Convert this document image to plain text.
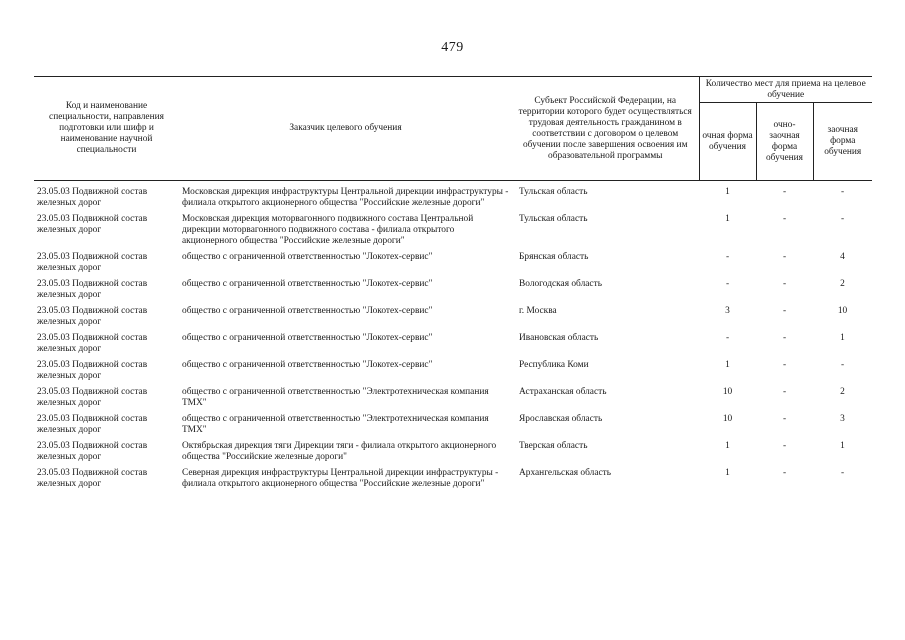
479
Код и наименование специальности, направления подготовки или шифр и наименование научной специальности	Заказчик целевого обучения	Субъект Российской Федерации, на территории которого будет осуществляться трудовая деятельность гражданином в соответствии с договором о целевом обучении после завершения освоения им образовательной программы	Количество мест для приема на целевое обучение		
			очная форма обучения	очно-заочная форма обучения	заочная форма обучения
23.05.03 Подвижной состав железных дорог	Московская дирекция инфраструктуры Центральной дирекции инфраструктуры - филиала открытого акционерного общества "Российские железные дороги"	Тульская область	1	-	-
23.05.03 Подвижной состав железных дорог	Московская дирекция моторвагонного подвижного состава Центральной дирекции моторвагонного подвижного состава - филиала открытого акционерного общества "Российские железные дороги"	Тульская область	1	-	-
23.05.03 Подвижной состав железных дорог	общество с ограниченной ответственностью "Локотех-сервис"	Брянская область	-	-	4
23.05.03 Подвижной состав железных дорог	общество с ограниченной ответственностью "Локотех-сервис"	Вологодская область	-	-	2
23.05.03 Подвижной состав железных дорог	общество с ограниченной ответственностью "Локотех-сервис"	г. Москва	3	-	10
23.05.03 Подвижной состав железных дорог	общество с ограниченной ответственностью "Локотех-сервис"	Ивановская область	-	-	1
23.05.03 Подвижной состав железных дорог	общество с ограниченной ответственностью "Локотех-сервис"	Республика Коми	1	-	-
23.05.03 Подвижной состав железных дорог	общество с ограниченной ответственностью "Электротехническая компания ТМХ"	Астраханская область	10	-	2
23.05.03 Подвижной состав железных дорог	общество с ограниченной ответственностью "Электротехническая компания ТМХ"	Ярославская область	10	-	3
23.05.03 Подвижной состав железных дорог	Октябрьская дирекция тяги Дирекции тяги - филиала открытого акционерного общества "Российские железные дороги"	Тверская область	1	-	1
23.05.03 Подвижной состав железных дорог	Северная дирекция инфраструктуры Центральной дирекции инфраструктуры - филиала открытого акционерного общества "Российские железные дороги"	Архангельская область	1	-	-
